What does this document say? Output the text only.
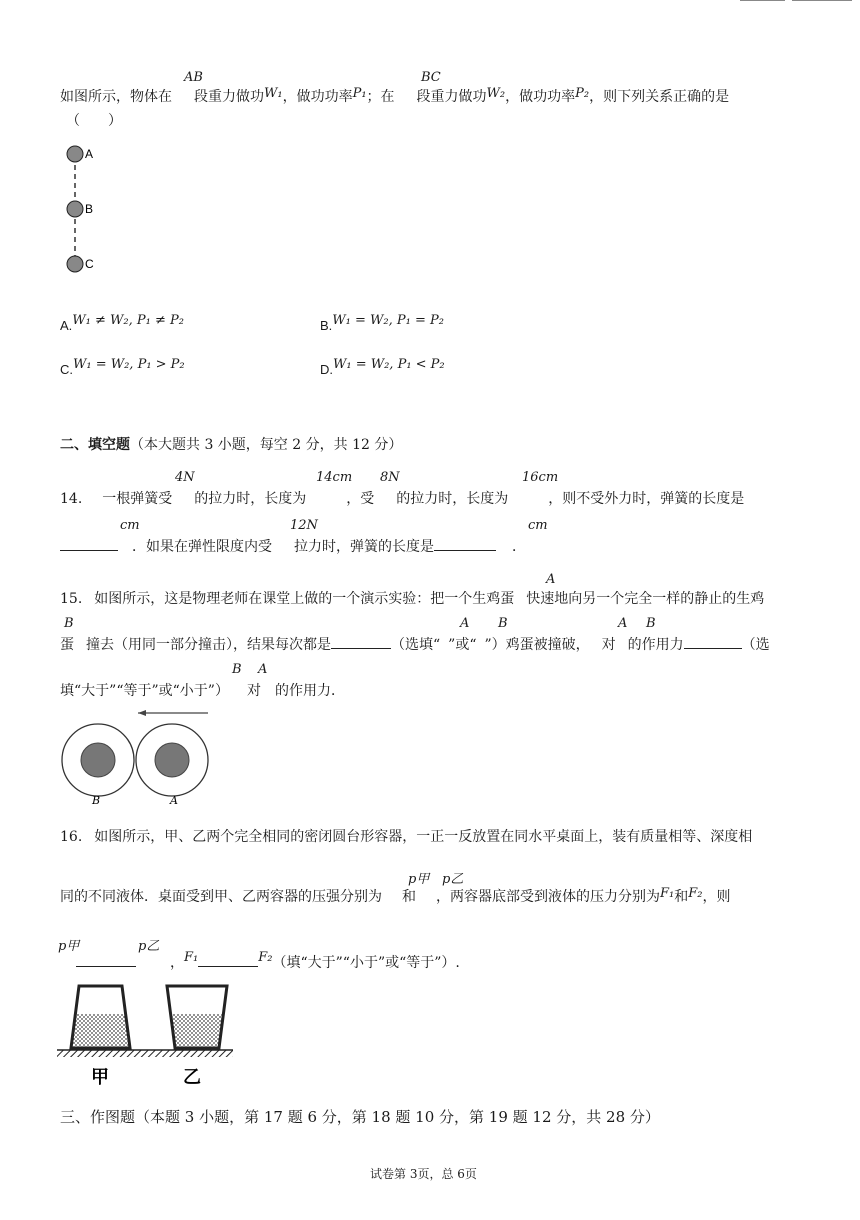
如图所示，物体在 段重力做功W₁，做功功率P₁；在 段重力做功W₂，做功功率P₂，则下列关系正确的是
AB	BC
（　　）
A
B
C
A.W₁ ≠ W₂, P₁ ≠ P₂	B.W₁ = W₂, P₁ = P₂
C.W₁ = W₂, P₁ > P₂	D.W₁ = W₂, P₁ < P₂
二、填空题（本大题共 3 小题，每空 2 分，共 12 分）
14. 一根弹簧受 的拉力时，长度为	，受 的拉力时，长度为	，则不受外力时，弹簧的长度是
4N	14cm 8N	16cm
．如果在弹性限度内受 拉力时，弹簧的长度是	．
cm	12N	cm
15. 如图所示，这是物理老师在课堂上做的一个演示实验：把一个生鸡蛋 快速地向另一个完全一样的静止的生鸡
A
蛋 撞去（用同一部分撞击），结果每次都是	（选填“ ”或“ ”）鸡蛋被撞破， 对 的作用力	（选
B	A B	A B
填“大于”“等于”或“小于”） 对 的作用力．
B A
B	A
16. 如图所示，甲、乙两个完全相同的密闭圆台形容器，一正一反放置在同水平桌面上，装有质量相等、深度相
同的不同液体．桌面受到甲、乙两容器的压强分别为 和 ，两容器底部受到液体的压力分别为F₁和F₂，则
p甲 p乙
，F₁	F₂（填“大于”“小于”或“等于”）.
p甲	p乙
甲	乙
三、作图题（本题 3 小题，第 17 题 6 分，第 18 题 10 分，第 19 题 12 分，共 28 分）
试卷第 3页，总 6页
